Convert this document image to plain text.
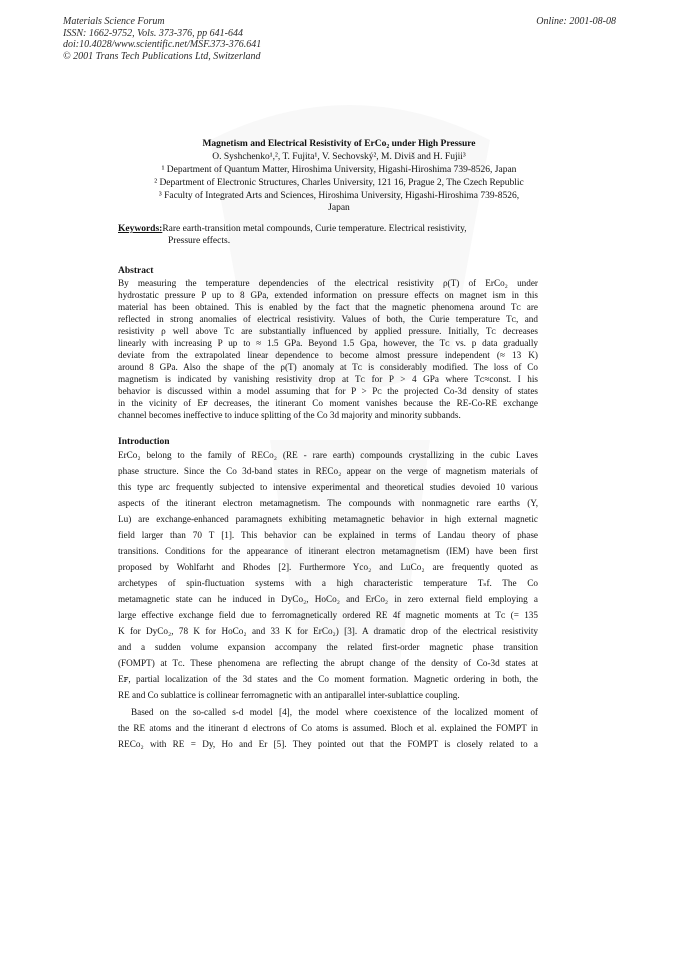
Materials Science Forum
ISSN: 1662-9752, Vols. 373-376, pp 641-644
doi:10.4028/www.scientific.net/MSF.373-376.641
© 2001 Trans Tech Publications Ltd, Switzerland
Online: 2001-08-08
Magnetism and Electrical Resistivity of ErCo₂ under High Pressure
O. Syshchenko¹,², T. Fujita¹, V. Sechovský², M. Diviš and H. Fujii³
¹ Department of Quantum Matter, Hiroshima University, Higashi-Hiroshima 739-8526, Japan
² Department of Electronic Structures, Charles University, 121 16, Prague 2, The Czech Republic
³ Faculty of Integrated Arts and Sciences, Hiroshima University, Higashi-Hiroshima 739-8526,
Japan
Keywords:Rare earth-transition metal compounds, Curie temperature. Electrical resistivity,
Pressure effects.
Abstract
By measuring the temperature dependencies of the electrical resistivity ρ(T) of ErCo₂ under
hydrostatic pressure P up to 8 GPa, extended information on pressure effects on magnet ism in this
material has been obtained. This is enabled by the fact that the magnetic phenomena around Tᴄ are
reflected in strong anomalies of electrical resistivity. Values of both, the Curie temperature Tᴄ, and
resistivity ρ well above Tᴄ are substantially influenced by applied pressure. Initially, Tᴄ decreases
linearly with increasing P up to ≈ 1.5 GPa. Beyond 1.5 Gpa, however, the Tᴄ vs. p data gradually
deviate from the extrapolated linear dependence to become almost pressure independent (≈ 13 K)
around 8 GPa. Also the shape of the ρ(T) anomaly at Tᴄ is considerably modified. The loss of Co
magnetism is indicated by vanishing resistivity drop at Tᴄ for P > 4 GPa where Tᴄ≈const. I his
behavior is discussed within a model assuming that for P > Pᴄ the projected Co-3d density of states
in the vicinity of Eꜰ decreases, the itinerant Co moment vanishes because the RE-Co-RE exchange
channel becomes ineffective to induce splitting of the Co 3d majority and minority subbands.
Introduction
ErCo₂ belong to the family of RECo₂ (RE - rare earth) compounds crystallizing in the cubic Laves
phase structure. Since the Co 3d-band states in RECo₂ appear on the verge of magnetism materials of
this type arc frequently subjected to intensive experimental and theoretical studies devoied 10 various
aspects of the itinerant electron metamagnetism. The compounds with nonmagnetic rare earths (Y,
Lu) are exchange-enhanced paramagnets exhibiting metamagnetic behavior in high external magnetic
field larger than 70 T [1]. This behavior can be explained in terms of Landau theory of phase
transitions. Conditions for the appearance of itinerant electron metamagnetism (IEM) have been first
proposed by Wohlfarht and Rhodes [2]. Furthermore Yco₂ and LuCo₂ are frequently quoted as
archetypes of spin-fluctuation systems with a high characteristic temperature Tₛf. The Co
metamagnetic state can he induced in DyCo₂, HoCo₂ and ErCo₂ in zero external field employing a
large effective exchange field due to ferromagnetically ordered RE 4f magnetic moments at Tᴄ (= 135
K for DyCo₂, 78 K for HoCo₂ and 33 K for ErCo₂) [3]. A dramatic drop of the electrical resistivity
and a sudden volume expansion accompany the related first-order magnetic phase transition
(FOMPT) at Tᴄ. These phenomena are reflecting the abrupt change of the density of Co-3d states at
Eꜰ, partial localization of the 3d states and the Co moment formation. Magnetic ordering in both, the
RE and Co sublattice is collinear ferromagnetic with an antiparallel inter-sublattice coupling.
Based on the so-called s-d model [4], the model where coexistence of the localized moment of
the RE atoms and the itinerant d electrons of Co atoms is assumed. Bloch et al. explained the FOMPT in
RECo₂ with RE = Dy, Ho and Er [5]. They pointed out that the FOMPT is closely related to a
